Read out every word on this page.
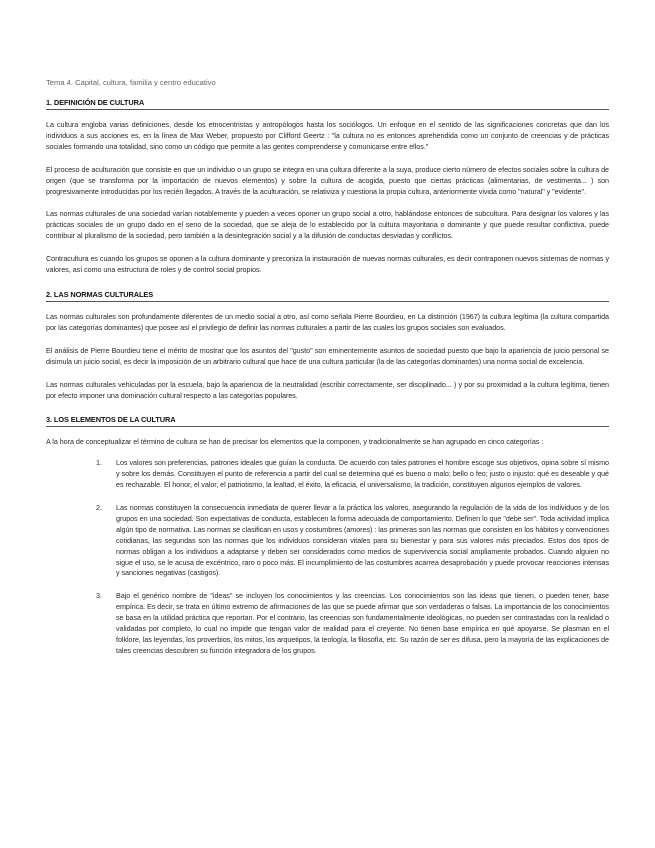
Tema 4. Capital, cultura, familia y centro educativo
1. DEFINICIÓN DE CULTURA

La cultura engloba varias definiciones, desde los etnocentristas y antropólogos hasta los sociólogos. Un enfoque en el sentido de las significaciones concretas que dan los individuos a sus acciones es, en la línea de Max Weber, propuesto por Clifford Geertz : "la cultura no es entonces aprehendida como un conjunto de creencias y de prácticas sociales formando una totalidad, sino como un código que permite a las gentes comprenderse y comunicarse entre ellos."

El proceso de aculturación que consiste en que un individuo o un grupo se integra en una cultura diferente a la suya, produce cierto número de efectos sociales sobre la cultura de origen (que se transforma por la importación de nuevos elementos) y sobre la cultura de acogida, puesto que ciertas prácticas (alimentarias, de vestimenta... ) son progresivamente introducidas por los recién llegados. A través de la aculturación, se relativiza y cuestiona la propia cultura, anteriormente vivida como "natural" y "evidente".

Las normas culturales de una sociedad varían notablemente y pueden a veces oponer un grupo social a otro, hablándose entonces de subcultura. Para designar los valores y las prácticas sociales de un grupo dado en el seno de la sociedad, que se aleja de lo establecido por la cultura mayoritaria o dominante y que puede resultar conflictiva, puede contribuir al pluralismo de la sociedad, pero también a la desintegración social y a la difusión de conductas desviadas y conflictos.

Contracultura es cuando los grupos se oponen a la cultura dominante y preconiza la instauración de nuevas normas culturales, es decir contraponen nuevos sistemas de normas y valores, así como una estructura de roles y de control social propios.

2. LAS NORMAS CULTURALES

Las normas culturales son profundamente diferentes de un medio social a otro, así como señala Pierre Bourdieu, en La distinción (1967) la cultura legítima (la cultura compartida por las categorías dominantes) que posee así el privilegio de definir las normas culturales a partir de las cuales los grupos sociales son evaluados.

El análisis de Pierre Bourdieu tiene el mérito de mostrar que los asuntos del "gusto" son eminentemente asuntos de sociedad puesto que bajo la apariencia de juicio personal se disimula un juicio social, es decir la imposición de un arbitrario cultural que hace de una cultura particular (la de las categorías dominantes) una norma social de excelencia.

Las normas culturales vehiculadas por la escuela, bajo la apariencia de la neutralidad (escribir correctamente, ser disciplinado... ) y por su proximidad a la cultura legítima, tienen por efecto imponer una dominación cultural respecto a las categorías populares.

3. LOS ELEMENTOS DE LA CULTURA

A la hora de conceptualizar el término de cultura se han de precisar los elementos que la componen, y tradicionalmente se han agrupado en cinco categorías :

1. Los valores son preferencias, patrones ideales que guían la conducta. De acuerdo con tales patrones el hombre escoge sus objetivos, opina sobre sí mismo y sobre los demás. Constituyen el punto de referencia a partir del cual se determina qué es bueno o malo; bello o feo; justo o injusto; qué es deseable y qué es rechazable. El honor, el valor, el patriotismo, la lealtad, el éxito, la eficacia, el universalismo, la tradición, constituyen algunos ejemplos de valores.

2. Las normas constituyen la consecuencia inmediata de querer llevar a la práctica los valores, asegurando la regulación de la vida de los individuos y de los grupos en una sociedad. Son expectativas de conducta, establecen la forma adecuada de comportamiento. Definen lo que "debe ser". Toda actividad implica algún tipo de normativa. Las normas se clasifican en usos y costumbres (amores) : las primeras son las normas que consisten en los hábitos y convenciones cotidianas, las segundas son las normas que los individuos consideran vitales para su bienestar y para sus valores más preciados. Estos dos tipos de normas obligan a los individuos a adaptarse y deben ser considerados como medios de supervivencia social ampliamente probados. Cuando alguien no sigue el uso, se le acusa de excéntrico, raro o poco más. El incumplimiento de las costumbres acarrea desaprobación y puede provocar reacciones intensas y sanciones negativas (castigos).

3. Bajo el genérico nombre de "ideas" se incluyen los conocimientos y las creencias. Los conocimientos son las ideas que tienen, o pueden tener, base empírica. Es decir, se trata en último extremo de afirmaciones de las que se puede afirmar que son verdaderas o falsas. La importancia de los conocimientos se basa en la utilidad práctica que reportan. Por el contrario, las creencias son fundamentalmente ideológicas, no pueden ser contrastadas con la realidad o validadas por completo, lo cual no impide que tengan valor de realidad para el creyente. No tienen base empírica en qué apoyarse. Se plasman en el folklore, las leyendas, los proverbios, los mitos, los arquetipos, la teología, la filosofía, etc. Su razón de ser es difusa, pero la mayoría de las explicaciones de tales creencias descubren su función integradora de los grupos.
